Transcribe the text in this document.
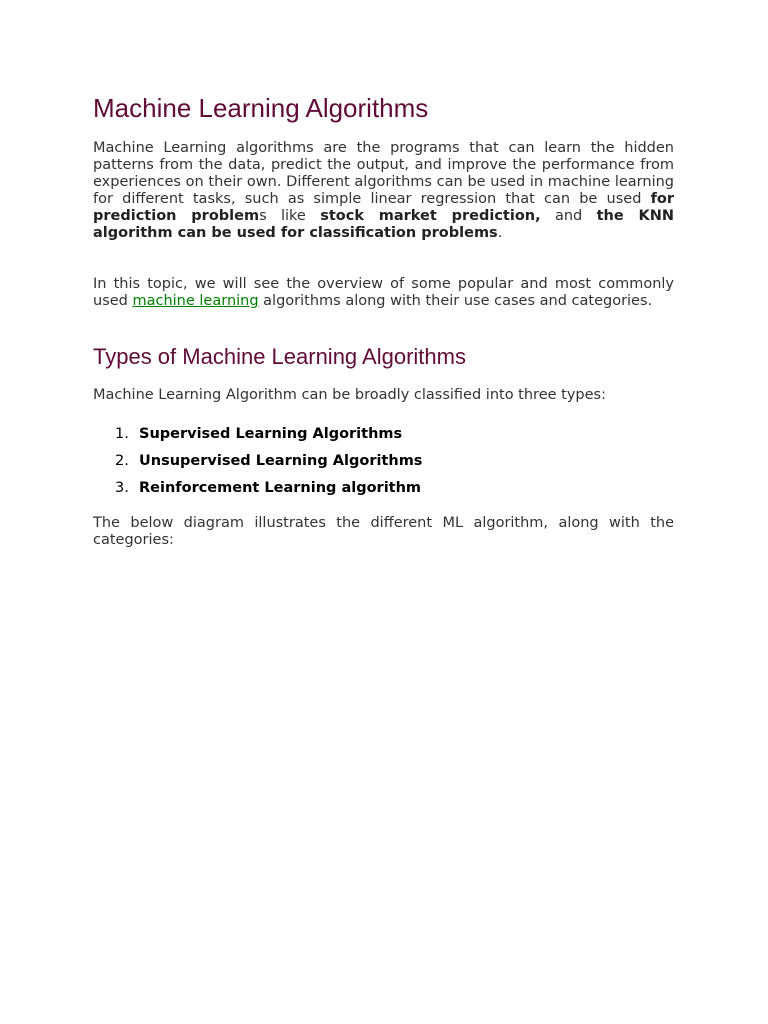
Machine Learning Algorithms

Machine Learning algorithms are the programs that can learn the hidden patterns from the data, predict the output, and improve the performance from experiences on their own. Different algorithms can be used in machine learning for different tasks, such as simple linear regression that can be used for prediction problems like stock market prediction, and the KNN algorithm can be used for classification problems.

In this topic, we will see the overview of some popular and most commonly used machine learning algorithms along with their use cases and categories.

Types of Machine Learning Algorithms

Machine Learning Algorithm can be broadly classified into three types:

1. Supervised Learning Algorithms
2. Unsupervised Learning Algorithms
3. Reinforcement Learning algorithm

The below diagram illustrates the different ML algorithm, along with the categories:
